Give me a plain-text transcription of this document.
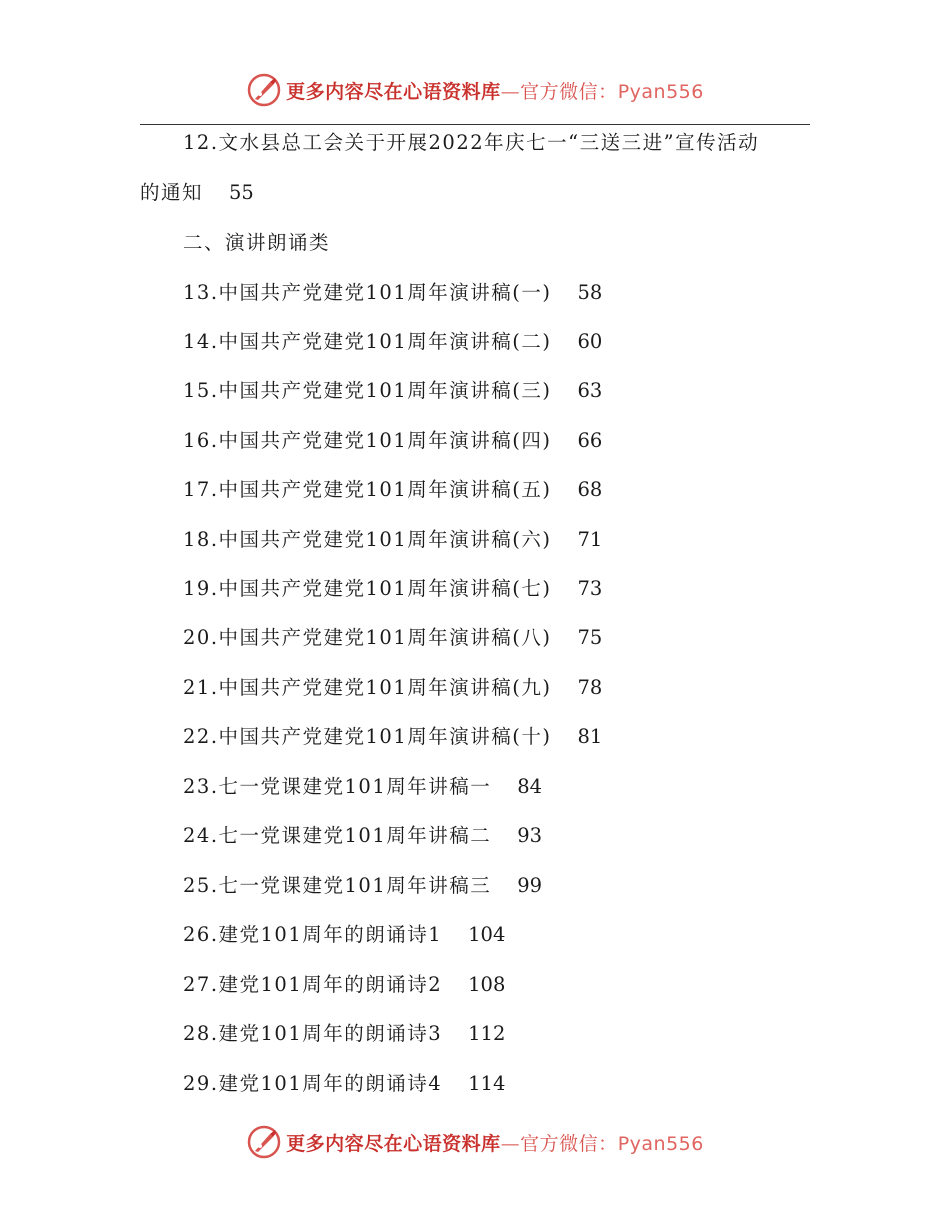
更多内容尽在心语资料库—官方微信：Pyan556
12.文水县总工会关于开展2022年庆七一“三送三进”宣传活动
的通知 55
二、演讲朗诵类
13.中国共产党建党101周年演讲稿(一) 58
14.中国共产党建党101周年演讲稿(二) 60
15.中国共产党建党101周年演讲稿(三) 63
16.中国共产党建党101周年演讲稿(四) 66
17.中国共产党建党101周年演讲稿(五) 68
18.中国共产党建党101周年演讲稿(六) 71
19.中国共产党建党101周年演讲稿(七) 73
20.中国共产党建党101周年演讲稿(八) 75
21.中国共产党建党101周年演讲稿(九) 78
22.中国共产党建党101周年演讲稿(十) 81
23.七一党课建党101周年讲稿一 84
24.七一党课建党101周年讲稿二 93
25.七一党课建党101周年讲稿三 99
26.建党101周年的朗诵诗1 104
27.建党101周年的朗诵诗2 108
28.建党101周年的朗诵诗3 112
29.建党101周年的朗诵诗4 114
更多内容尽在心语资料库—官方微信：Pyan556
